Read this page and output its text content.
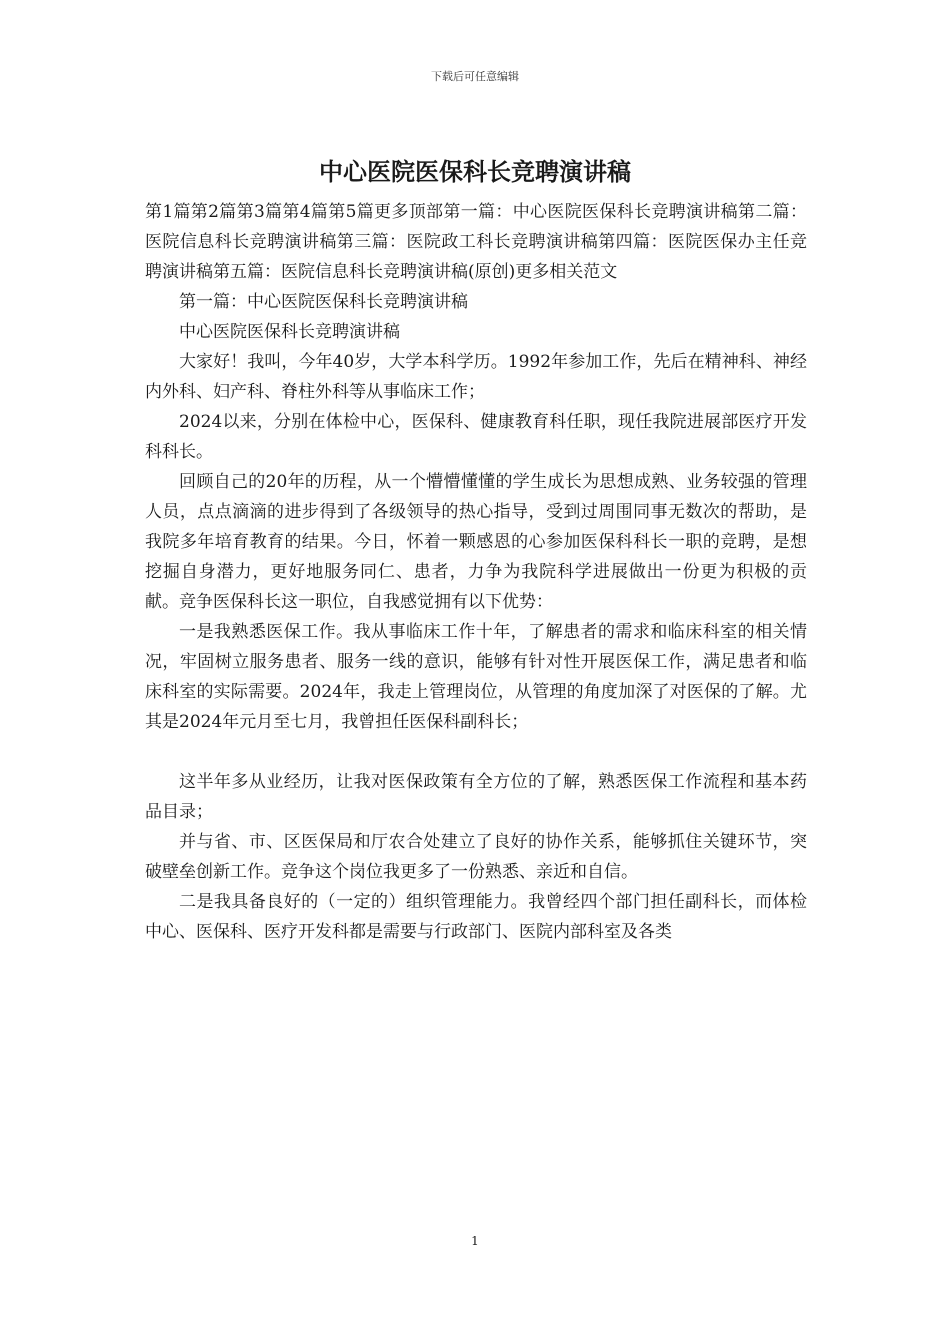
下载后可任意编辑
中心医院医保科长竞聘演讲稿

第1篇第2篇第3篇第4篇第5篇更多顶部第一篇：中心医院医保科长竞聘演讲稿第二篇：医院信息科长竞聘演讲稿第三篇：医院政工科长竞聘演讲稿第四篇：医院医保办主任竞聘演讲稿第五篇：医院信息科长竞聘演讲稿(原创)更多相关范文

第一篇：中心医院医保科长竞聘演讲稿

中心医院医保科长竞聘演讲稿

大家好！我叫，今年40岁，大学本科学历。1992年参加工作，先后在精神科、神经内外科、妇产科、脊柱外科等从事临床工作；

2024以来，分别在体检中心，医保科、健康教育科任职，现任我院进展部医疗开发科科长。

回顾自己的20年的历程，从一个懵懵懂懂的学生成长为思想成熟、业务较强的管理人员，点点滴滴的进步得到了各级领导的热心指导，受到过周围同事无数次的帮助，是我院多年培育教育的结果。今日，怀着一颗感恩的心参加医保科科长一职的竞聘，是想挖掘自身潜力，更好地服务同仁、患者，力争为我院科学进展做出一份更为积极的贡献。竞争医保科长这一职位，自我感觉拥有以下优势：

一是我熟悉医保工作。我从事临床工作十年，了解患者的需求和临床科室的相关情况，牢固树立服务患者、服务一线的意识，能够有针对性开展医保工作，满足患者和临床科室的实际需要。2024年，我走上管理岗位，从管理的角度加深了对医保的了解。尤其是2024年元月至七月，我曾担任医保科副科长；

这半年多从业经历，让我对医保政策有全方位的了解，熟悉医保工作流程和基本药品目录；

并与省、市、区医保局和厅农合处建立了良好的协作关系，能够抓住关键环节，突破壁垒创新工作。竞争这个岗位我更多了一份熟悉、亲近和自信。

二是我具备良好的（一定的）组织管理能力。我曾经四个部门担任副科长，而体检中心、医保科、医疗开发科都是需要与行政部门、医院内部科室及各类

1
